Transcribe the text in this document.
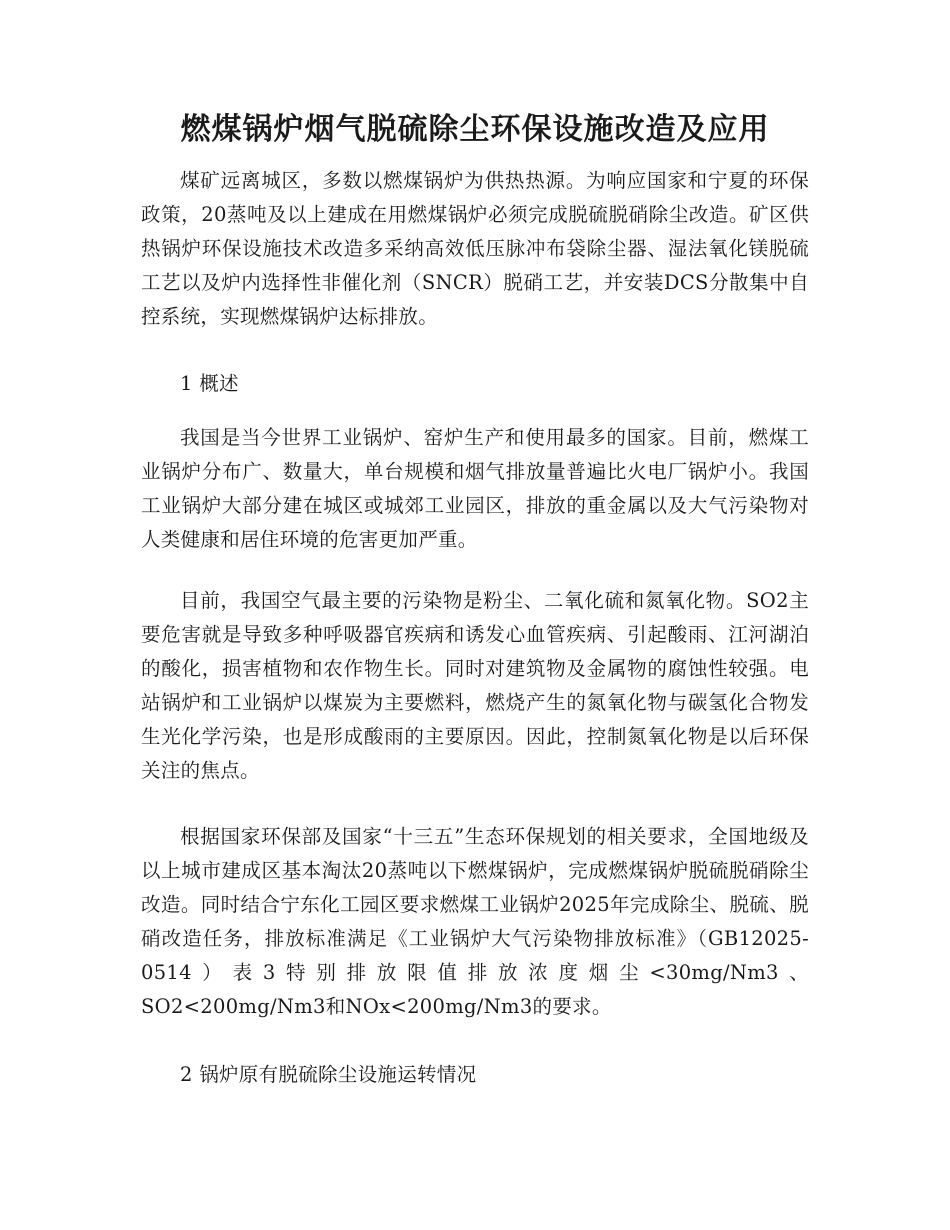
燃煤锅炉烟气脱硫除尘环保设施改造及应用

煤矿远离城区，多数以燃煤锅炉为供热热源。为响应国家和宁夏的环保政策，20蒸吨及以上建成在用燃煤锅炉必须完成脱硫脱硝除尘改造。矿区供热锅炉环保设施技术改造多采纳高效低压脉冲布袋除尘器、湿法氧化镁脱硫工艺以及炉内选择性非催化剂（SNCR）脱硝工艺，并安装DCS分散集中自控系统，实现燃煤锅炉达标排放。

1 概述

我国是当今世界工业锅炉、窑炉生产和使用最多的国家。目前，燃煤工业锅炉分布广、数量大，单台规模和烟气排放量普遍比火电厂锅炉小。我国工业锅炉大部分建在城区或城郊工业园区，排放的重金属以及大气污染物对人类健康和居住环境的危害更加严重。

目前，我国空气最主要的污染物是粉尘、二氧化硫和氮氧化物。SO2主要危害就是导致多种呼吸器官疾病和诱发心血管疾病、引起酸雨、江河湖泊的酸化，损害植物和农作物生长。同时对建筑物及金属物的腐蚀性较强。电站锅炉和工业锅炉以煤炭为主要燃料，燃烧产生的氮氧化物与碳氢化合物发生光化学污染，也是形成酸雨的主要原因。因此，控制氮氧化物是以后环保关注的焦点。

根据国家环保部及国家“十三五”生态环保规划的相关要求，全国地级及以上城市建成区基本淘汰20蒸吨以下燃煤锅炉，完成燃煤锅炉脱硫脱硝除尘改造。同时结合宁东化工园区要求燃煤工业锅炉2025年完成除尘、脱硫、脱硝改造任务，排放标准满足《工业锅炉大气污染物排放标准》（GB12025-0514）表3特别排放限值排放浓度烟尘<30mg/Nm3、SO2<200mg/Nm3和NOx<200mg/Nm3的要求。

2 锅炉原有脱硫除尘设施运转情况
